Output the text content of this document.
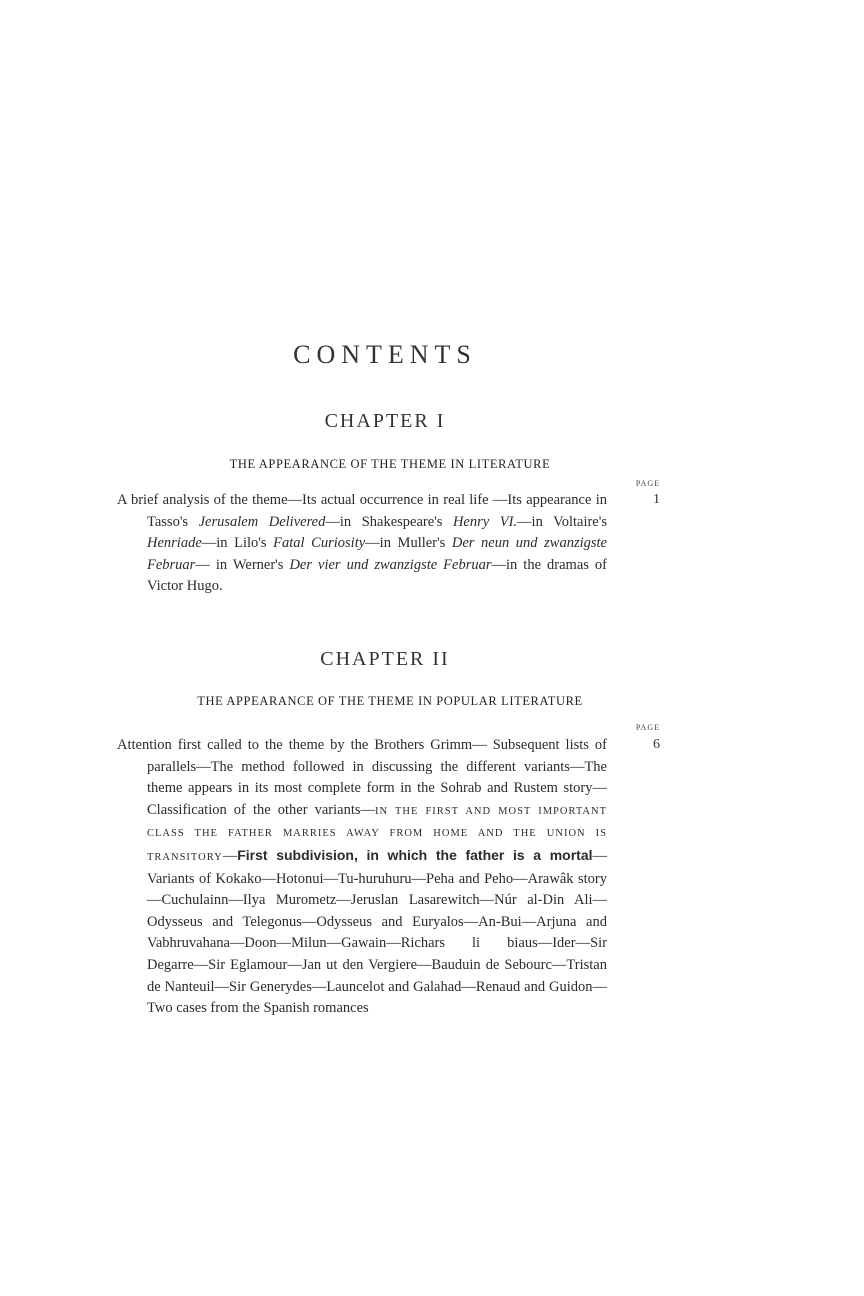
CONTENTS
CHAPTER I
THE APPEARANCE OF THE THEME IN LITERATURE
PAGE
1

A brief analysis of the theme—Its actual occurrence in real life —Its appearance in Tasso's Jerusalem Delivered—in Shakespeare's Henry VI.—in Voltaire's Henriade—in Lilo's Fatal Curiosity—in Muller's Der neun und zwanzigste Februar— in Werner's Der vier und zwanzigste Februar—in the dramas of Victor Hugo.

CHAPTER II
THE APPEARANCE OF THE THEME IN POPULAR LITERATURE
PAGE
6

Attention first called to the theme by the Brothers Grimm— Subsequent lists of parallels—The method followed in discussing the different variants—The theme appears in its most complete form in the Sohrab and Rustem story—Classification of the other variants—IN THE FIRST AND MOST IMPORTANT CLASS THE FATHER MARRIES AWAY FROM HOME AND THE UNION IS TRANSITORY—First subdivision, in which the father is a mortal—Variants of Kokako—Hotonui—Tu-huruhuru—Peha and Peho—Arawâk story—Cuchulainn—Ilya Murometz—Jeruslan Lasarewitch—Núr al-Din Ali—Odysseus and Telegonus—Odysseus and Euryalos—An-Bui—Arjuna and Vabhruvahana—Doon—Milun—Gawain—Richars li biaus—Ider—Sir Degarre—Sir Eglamour—Jan ut den Vergiere—Bauduin de Sebourc—Tristan de Nanteuil—Sir Generydes—Launcelot and Galahad—Renaud and Guidon—Two cases from the Spanish romances
